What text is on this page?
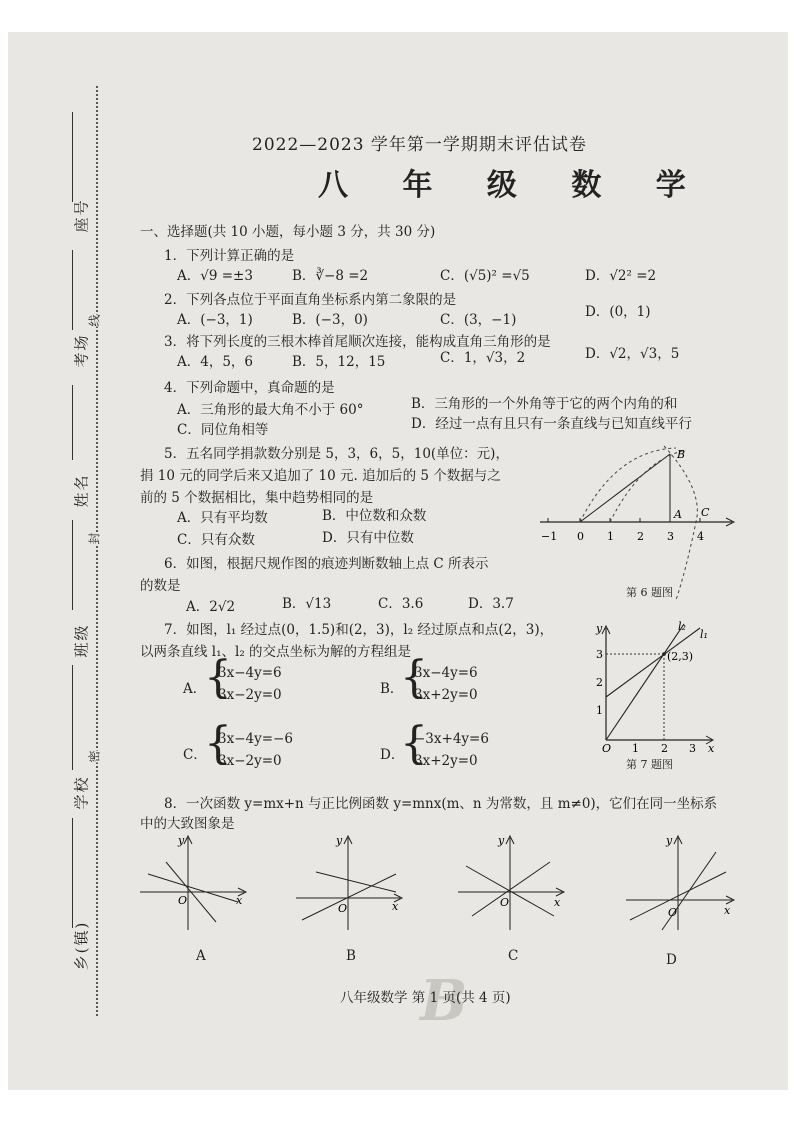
座号
考场
姓名
班级
学校
乡(镇)
线
封
密
2022—2023 学年第一学期期末评估试卷
八 年 级 数 学
一、选择题(共 10 小题，每小题 3 分，共 30 分)
1．下列计算正确的是
A．√9 =±3	B．∛−8 =2	C．(√5)² =√5	D．√2² =2
2．下列各点位于平面直角坐标系内第二象限的是
A．(−3，1)	B．(−3，0)	C．(3，−1)	D．(0，1)
3．将下列长度的三根木棒首尾顺次连接，能构成直角三角形的是
A．4，5，6	B．5，12，15	C．1，√3，2	D．√2，√3，5
4．下列命题中，真命题的是
A．三角形的最大角不小于 60°	B．三角形的一个外角等于它的两个内角的和
C．同位角相等	D．经过一点有且只有一条直线与已知直线平行
5．五名同学捐款数分别是 5，3，6，5，10(单位：元)，
捐 10 元的同学后来又追加了 10 元. 追加后的 5 个数据与之
前的 5 个数据相比，集中趋势相同的是
A．只有平均数	B．中位数和众数
C．只有众数	D．只有中位数
6．如图，根据尺规作图的痕迹判断数轴上点 C 所表示
的数是
A．2√2	B．√13	C．3.6	D．3.7
−1 0 1 2 3 4
B
A C
第 6 题图
7．如图，l₁ 经过点(0，1.5)和(2，3)，l₂ 经过原点和点(2，3)，
以两条直线 l₁、l₂ 的交点坐标为解的方程组是
A．
{
3x−4y=6
3x−2y=0	B．
{
3x−4y=6
3x+2y=0
C．
{
3x−4y=−6
3x−2y=0	D．
{
−3x+4y=6
3x+2y=0
(2,3)
l₂
l₁
3
2
1
1 2 3
O	x
y
第 7 题图
8．一次函数 y=mx+n 与正比例函数 y=mnx(m、n 为常数，且 m≠0)，它们在同一坐标系
中的大致图象是
O
y
x
A
O
y
x
B
O
y
x
C
O
y
x
D
B
八年级数学 第 1 页(共 4 页)
